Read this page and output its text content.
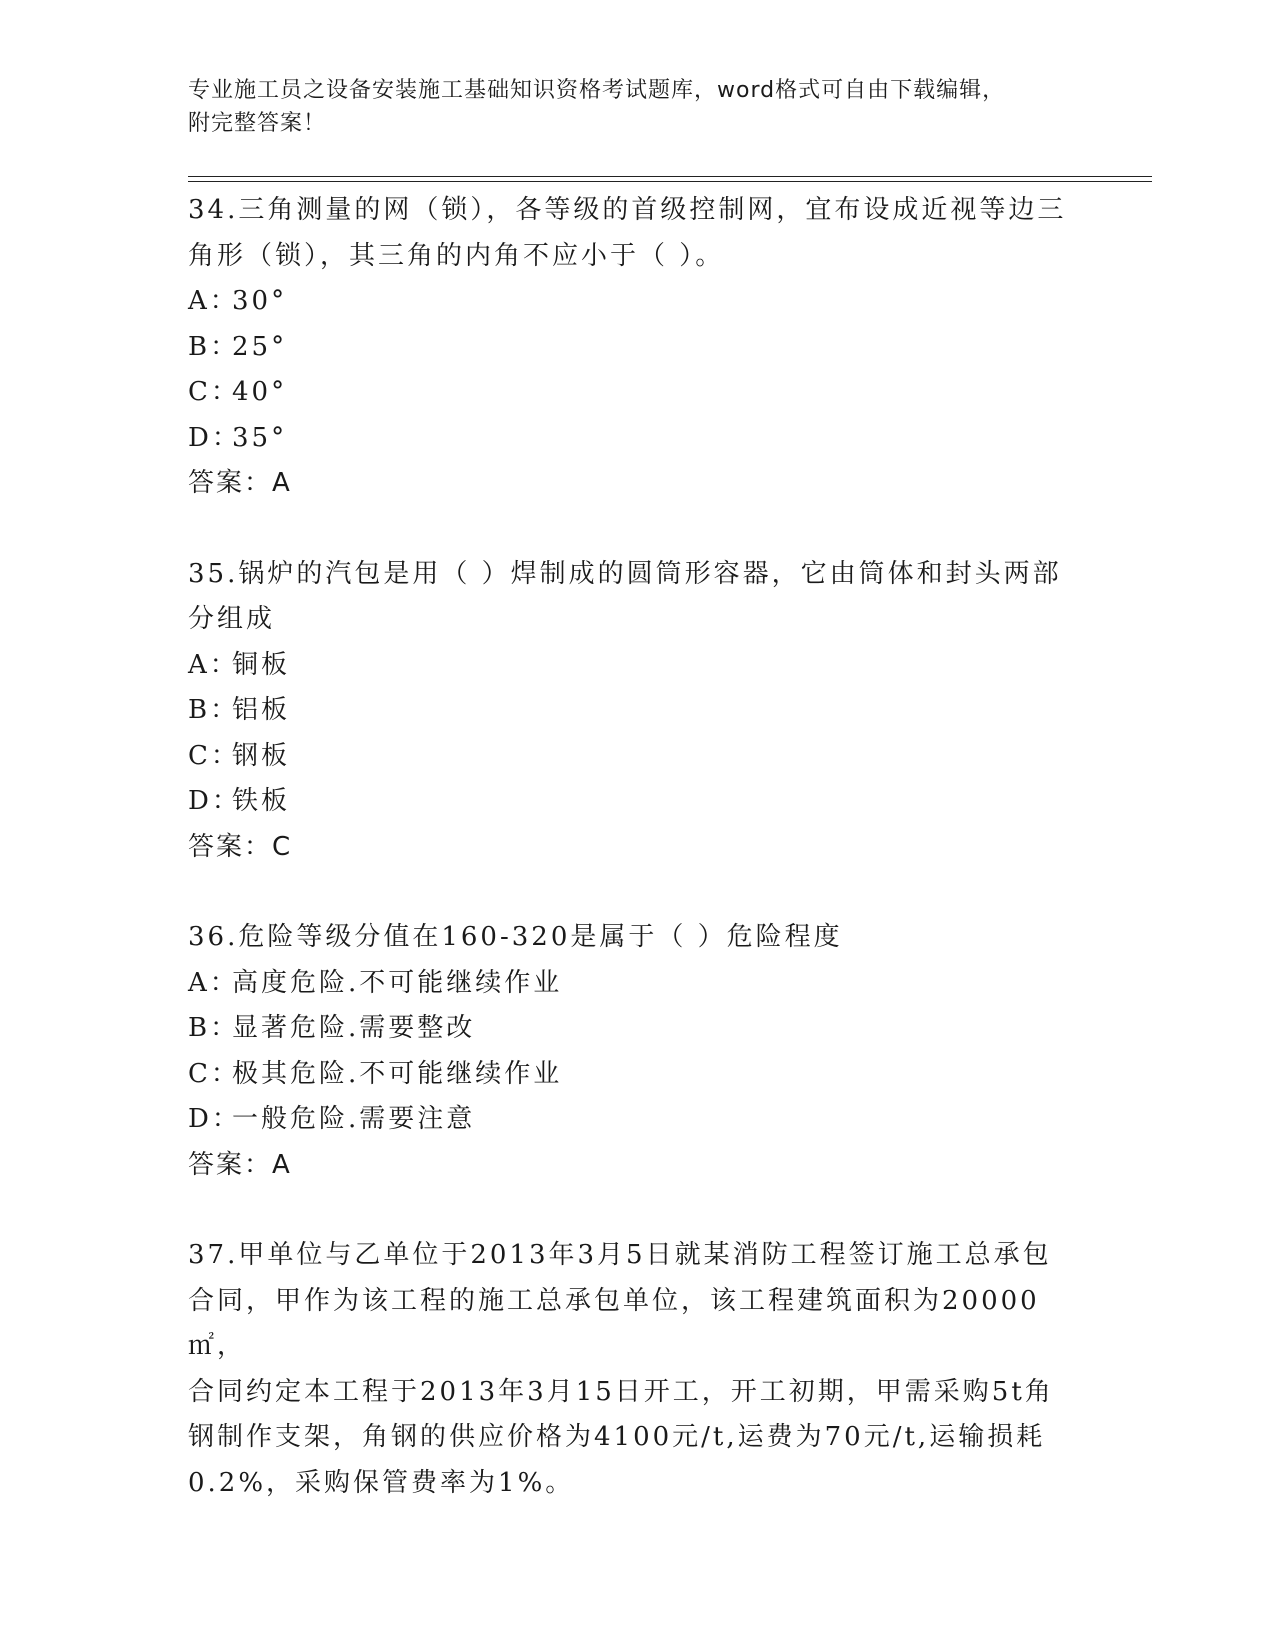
专业施工员之设备安装施工基础知识资格考试题库，word格式可自由下载编辑，
附完整答案！

34.三角测量的网（锁），各等级的首级控制网，宜布设成近视等边三

角形（锁），其三角的内角不应小于（ ）。

A：30°

B：25°

C：40°

D：35°

答案：A

35.锅炉的汽包是用（ ）焊制成的圆筒形容器，它由筒体和封头两部

分组成

A：铜板

B：铝板

C：钢板

D：铁板

答案：C

36.危险等级分值在160-320是属于（ ）危险程度

A：高度危险.不可能继续作业

B：显著危险.需要整改

C：极其危险.不可能继续作业

D：一般危险.需要注意

答案：A

37.甲单位与乙单位于2013年3月5日就某消防工程签订施工总承包

合同，甲作为该工程的施工总承包单位，该工程建筑面积为20000㎡，

合同约定本工程于2013年3月15日开工，开工初期，甲需采购5t角

钢制作支架，角钢的供应价格为4100元/t,运费为70元/t,运输损耗

0.2%，采购保管费率为1%。
